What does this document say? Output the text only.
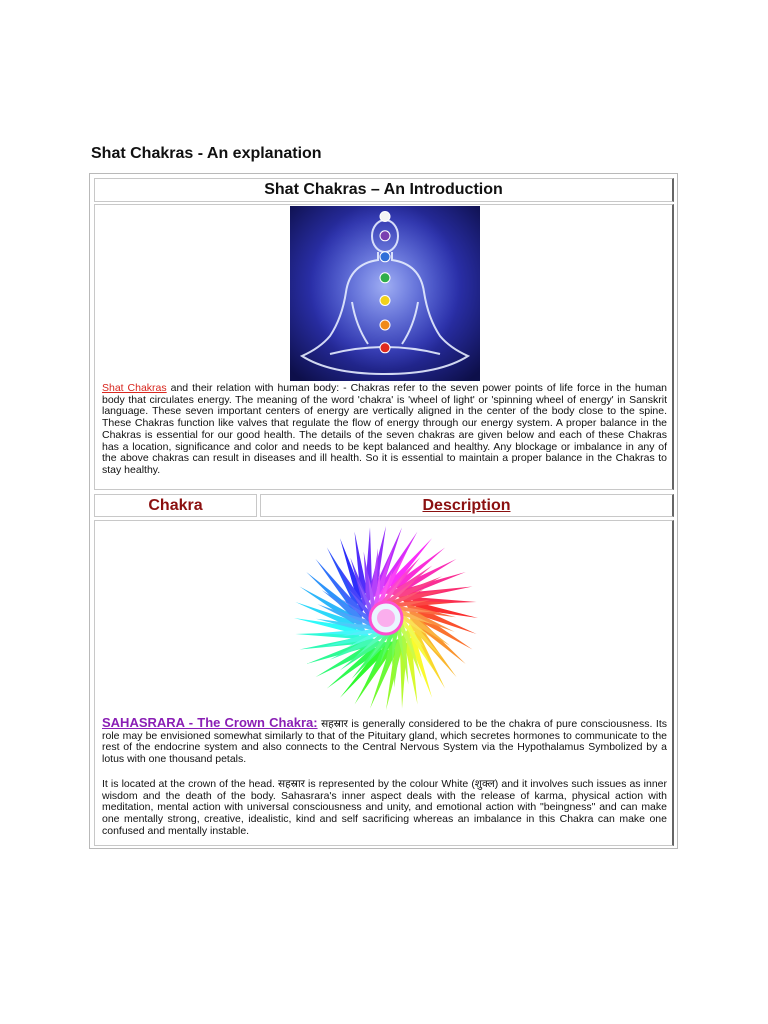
Shat Chakras - An explanation
Shat Chakras – An Introduction

Shat Chakras and their relation with human body: - Chakras refer to the seven power points of life force in the human body that circulates energy. The meaning of the word 'chakra' is 'wheel of light' or 'spinning wheel of energy' in Sanskrit language. These seven important centers of energy are vertically aligned in the center of the body close to the spine. These Chakras function like valves that regulate the flow of energy through our energy system. A proper balance in the Chakras is essential for our good health. The details of the seven chakras are given below and each of these Chakras has a location, significance and color and needs to be kept balanced and healthy. Any blockage or imbalance in any of the above chakras can result in diseases and ill health. So it is essential to maintain a proper balance in the Chakras to stay healthy.

Chakra	Description

SAHASRARA - The Crown Chakra: सहस्रार is generally considered to be the chakra of pure consciousness. Its role may be envisioned somewhat similarly to that of the Pituitary gland, which secretes hormones to communicate to the rest of the endocrine system and also connects to the Central Nervous System via the Hypothalamus Symbolized by a lotus with one thousand petals.

It is located at the crown of the head. सहस्रार is represented by the colour White (शुक्ल) and it involves such issues as inner wisdom and the death of the body. Sahasrara's inner aspect deals with the release of karma, physical action with meditation, mental action with universal consciousness and unity, and emotional action with "beingness" and can make one mentally strong, creative, idealistic, kind and self sacrificing whereas an imbalance in this Chakra can make one confused and mentally instable.
